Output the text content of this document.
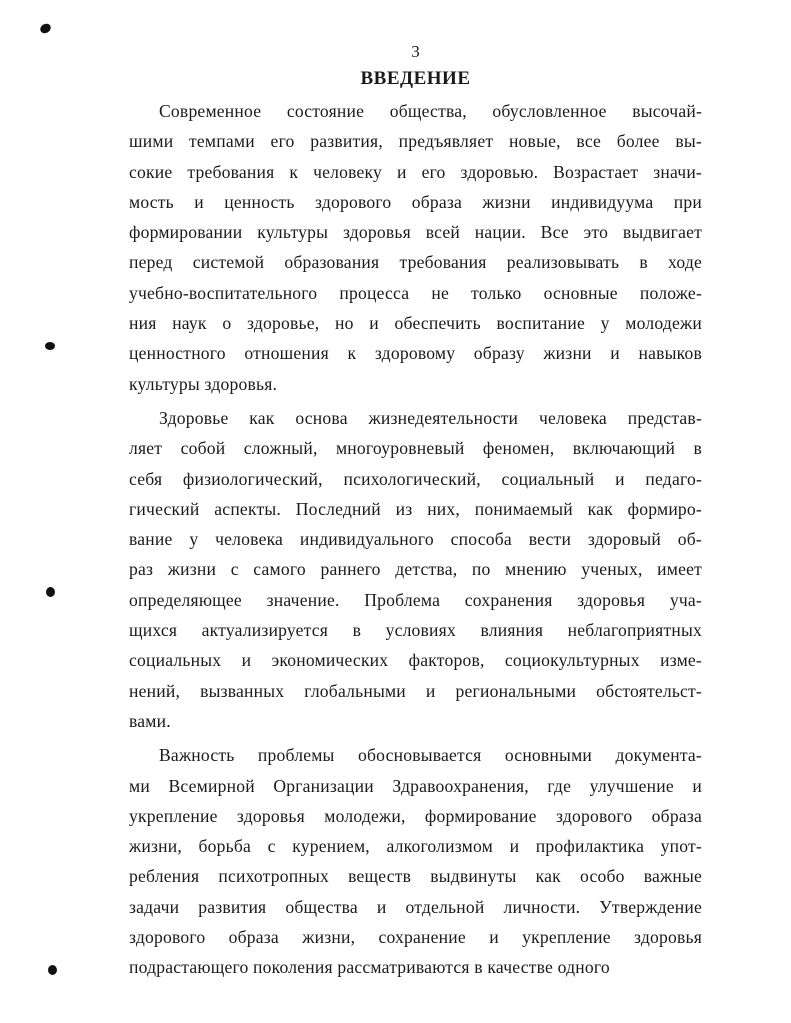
3
ВВЕДЕНИЕ
Современное состояние общества, обусловленное высочай-
шими темпами его развития, предъявляет новые, все более вы-
сокие требования к человеку и его здоровью. Возрастает значи-
мость и ценность здорового образа жизни индивидуума при
формировании культуры здоровья всей нации. Все это выдвигает
перед системой образования требования реализовывать в ходе
учебно-воспитательного процесса не только основные положе-
ния наук о здоровье, но и обеспечить воспитание у молодежи
ценностного отношения к здоровому образу жизни и навыков
культуры здоровья.
Здоровье как основа жизнедеятельности человека представ-
ляет собой сложный, многоуровневый феномен, включающий в
себя физиологический, психологический, социальный и педаго-
гический аспекты. Последний из них, понимаемый как формиро-
вание у человека индивидуального способа вести здоровый об-
раз жизни с самого раннего детства, по мнению ученых, имеет
определяющее значение. Проблема сохранения здоровья уча-
щихся актуализируется в условиях влияния неблагоприятных
социальных и экономических факторов, социокультурных изме-
нений, вызванных глобальными и региональными обстоятельст-
вами.
Важность проблемы обосновывается основными документа-
ми Всемирной Организации Здравоохранения, где улучшение и
укрепление здоровья молодежи, формирование здорового образа
жизни, борьба с курением, алкоголизмом и профилактика упот-
ребления психотропных веществ выдвинуты как особо важные
задачи развития общества и отдельной личности. Утверждение
здорового образа жизни, сохранение и укрепление здоровья
подрастающего поколения рассматриваются в качестве одного
